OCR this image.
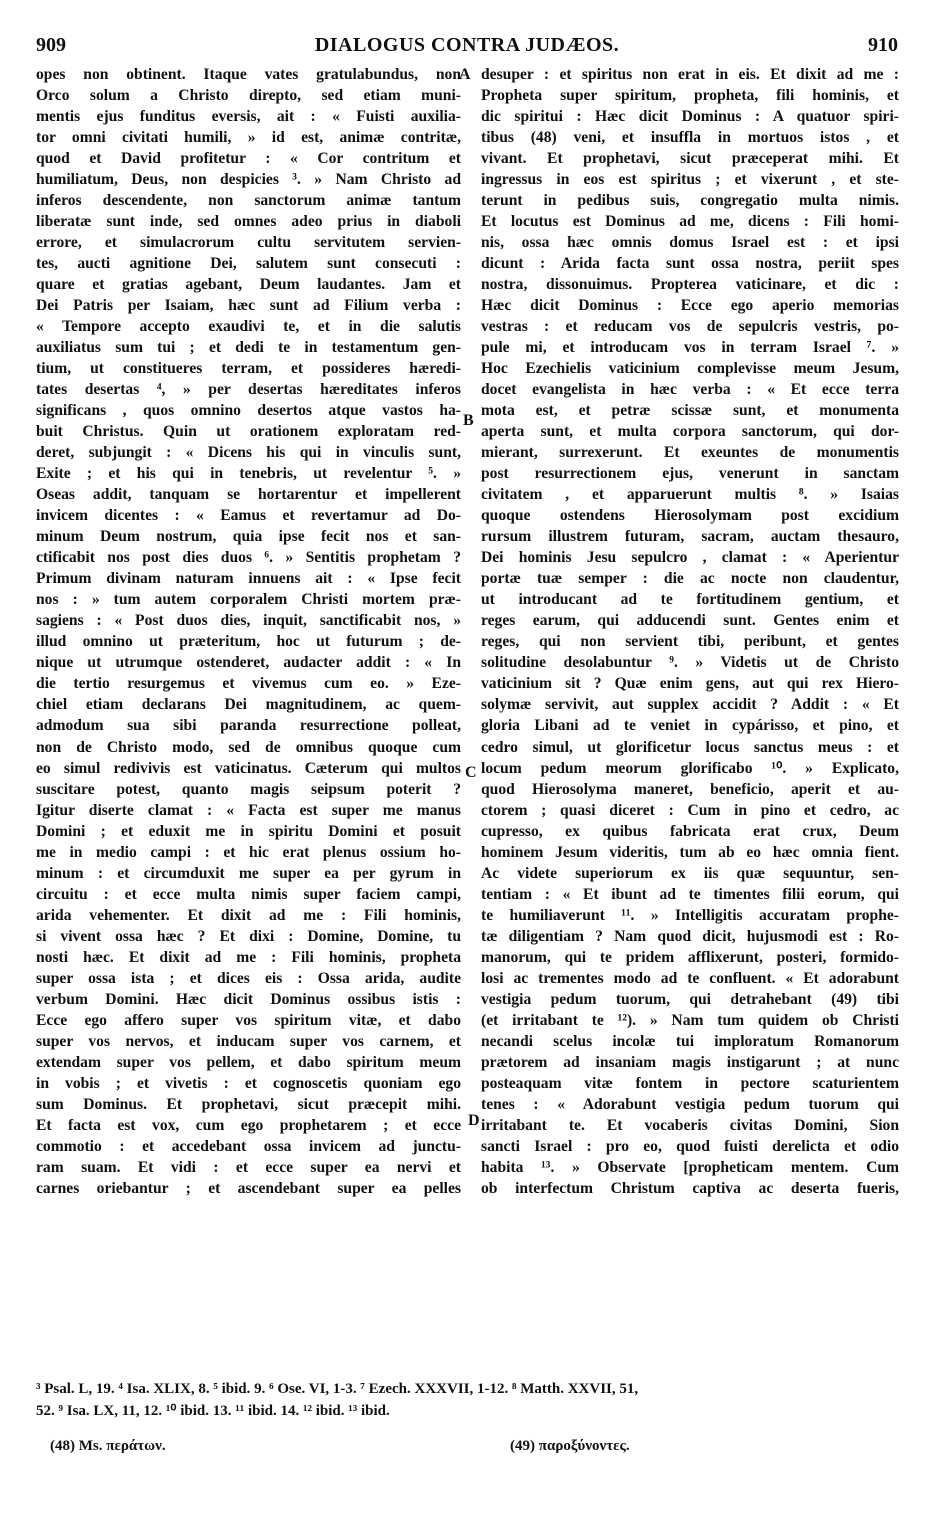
909	DIALOGUS CONTRA JUDÆOS.	910
opes non obtinent. Itaque vates gratulabundus, non
Orco solum a Christo direpto, sed etiam muni-
mentis ejus funditus eversis, ait : « Fuisti auxilia-
tor omni civitati humili, » id est, animæ contritæ,
quod et David profitetur : « Cor contritum et
humiliatum, Deus, non despicies ³. » Nam Christo ad
inferos descendente, non sanctorum animæ tantum
liberatæ sunt inde, sed omnes adeo prius in diaboli
errore, et simulacrorum cultu servitutem servien-
tes, aucti agnitione Dei, salutem sunt consecuti :
quare et gratias agebant, Deum laudantes. Jam et
Dei Patris per Isaiam, hæc sunt ad Filium verba :
« Tempore accepto exaudivi te, et in die salutis
auxiliatus sum tui ; et dedi te in testamentum gen-
tium, ut constitueres terram, et possideres hæredi-
tates desertas ⁴, » per desertas hæreditates inferos
significans , quos omnino desertos atque vastos ha-
buit Christus. Quin ut orationem exploratam red-
deret, subjungit : « Dicens his qui in vinculis sunt,
Exite ; et his qui in tenebris, ut revelentur ⁵. »
Oseas addit, tanquam se hortarentur et impellerent
invicem dicentes : « Eamus et revertamur ad Do-
minum Deum nostrum, quia ipse fecit nos et san-
ctificabit nos post dies duos ⁶. » Sentitis prophetam ?
Primum divinam naturam innuens ait : « Ipse fecit
nos : » tum autem corporalem Christi mortem præ-
sagiens : « Post duos dies, inquit, sanctificabit nos, »
illud omnino ut præteritum, hoc ut futurum ; de-
nique ut utrumque ostenderet, audacter addit : « In
die tertio resurgemus et vivemus cum eo. » Eze-
chiel etiam declarans Dei magnitudinem, ac quem-
admodum sua sibi paranda resurrectione polleat,
non de Christo modo, sed de omnibus quoque cum
eo simul redivivis est vaticinatus. Cæterum qui multos
suscitare potest, quanto magis seipsum poterit ?
Igitur diserte clamat : « Facta est super me manus
Domini ; et eduxit me in spiritu Domini et posuit
me in medio campi : et hic erat plenus ossium ho-
minum : et circumduxit me super ea per gyrum in
circuitu : et ecce multa nimis super faciem campi,
arida vehementer. Et dixit ad me : Fili hominis,
si vivent ossa hæc ? Et dixi : Domine, Domine, tu
nosti hæc. Et dixit ad me : Fili hominis, propheta
super ossa ista ; et dices eis : Ossa arida, audite
verbum Domini. Hæc dicit Dominus ossibus istis :
Ecce ego affero super vos spiritum vitæ, et dabo
super vos nervos, et inducam super vos carnem, et
extendam super vos pellem, et dabo spiritum meum
in vobis ; et vivetis : et cognoscetis quoniam ego
sum Dominus. Et prophetavi, sicut præcepit mihi.
Et facta est vox, cum ego prophetarem ; et ecce
commotio : et accedebant ossa invicem ad junctu-
ram suam. Et vidi : et ecce super ea nervi et
carnes oriebantur ; et ascendebant super ea pelles
desuper : et spiritus non erat in eis. Et dixit ad me :
Propheta super spiritum, propheta, fili hominis, et
dic spiritui : Hæc dicit Dominus : A quatuor spiri-
tibus (48) veni, et insuffla in mortuos istos , et
vivant. Et prophetavi, sicut præceperat mihi. Et
ingressus in eos est spiritus ; et vixerunt , et ste-
terunt in pedibus suis, congregatio multa nimis.
Et locutus est Dominus ad me, dicens : Fili homi-
nis, ossa hæc omnis domus Israel est : et ipsi
dicunt : Arida facta sunt ossa nostra, periit spes
nostra, dissonuimus. Propterea vaticinare, et dic :
Hæc dicit Dominus : Ecce ego aperio memorias
vestras : et reducam vos de sepulcris vestris, po-
pule mi, et introducam vos in terram Israel ⁷. »
Hoc Ezechielis vaticinium complevisse meum Jesum,
docet evangelista in hæc verba : « Et ecce terra
mota est, et petræ scissæ sunt, et monumenta
aperta sunt, et multa corpora sanctorum, qui dor-
mierant, surrexerunt. Et exeuntes de monumentis
post resurrectionem ejus, venerunt in sanctam
civitatem , et apparuerunt multis ⁸. » Isaias
quoque ostendens Hierosolymam post excidium
rursum illustrem futuram, sacram, auctam thesauro,
Dei hominis Jesu sepulcro , clamat : « Aperientur
portæ tuæ semper : die ac nocte non claudentur,
ut introducant ad te fortitudinem gentium, et
reges earum, qui adducendi sunt. Gentes enim et
reges, qui non servient tibi, peribunt, et gentes
solitudine desolabuntur ⁹. » Videtis ut de Christo
vaticinium sit ? Quæ enim gens, aut qui rex Hiero-
solymæ servivit, aut supplex accidit ? Addit : « Et
gloria Libani ad te veniet in cypárisso, et pino, et
cedro simul, ut glorificetur locus sanctus meus : et
locum pedum meorum glorificabo ¹⁰. » Explicato,
quod Hierosolyma maneret, beneficio, aperit et au-
ctorem ; quasi diceret : Cum in pino et cedro, ac
cupresso, ex quibus fabricata erat crux, Deum
hominem Jesum videritis, tum ab eo hæc omnia fient.
Ac videte superiorum ex iis quæ sequuntur, sen-
tentiam : « Et ibunt ad te timentes filii eorum, qui
te humiliaverunt ¹¹. » Intelligitis accuratam prophe-
tæ diligentiam ? Nam quod dicit, hujusmodi est : Ro-
manorum, qui te pridem afflixerunt, posteri, formido-
losi ac trementes modo ad te confluent. « Et adorabunt
vestigia pedum tuorum, qui detrahebant (49) tibi
(et irritabant te ¹²). » Nam tum quidem ob Christi
necandi scelus incolæ tui imploratum Romanorum
prætorem ad insaniam magis instigarunt ; at nunc
posteaquam vitæ fontem in pectore scaturientem
tenes : « Adorabunt vestigia pedum tuorum qui
irritabant te. Et vocaberis civitas Domini, Sion
sancti Israel : pro eo, quod fuisti derelicta et odio
habita ¹³. » Observate [propheticam mentem. Cum
ob interfectum Christum captiva ac deserta fueris,
A
B
C
D
³ Psal. L, 19. ⁴ Isa. XLIX, 8. ⁵ ibid. 9. ⁶ Ose. VI, 1-3. ⁷ Ezech. XXXVII, 1-12. ⁸ Matth. XXVII, 51,
52. ⁹ Isa. LX, 11, 12. ¹⁰ ibid. 13. ¹¹ ibid. 14. ¹² ibid. ¹³ ibid.
(48) Ms. περάτων.	(49) παροξύνοντες.
